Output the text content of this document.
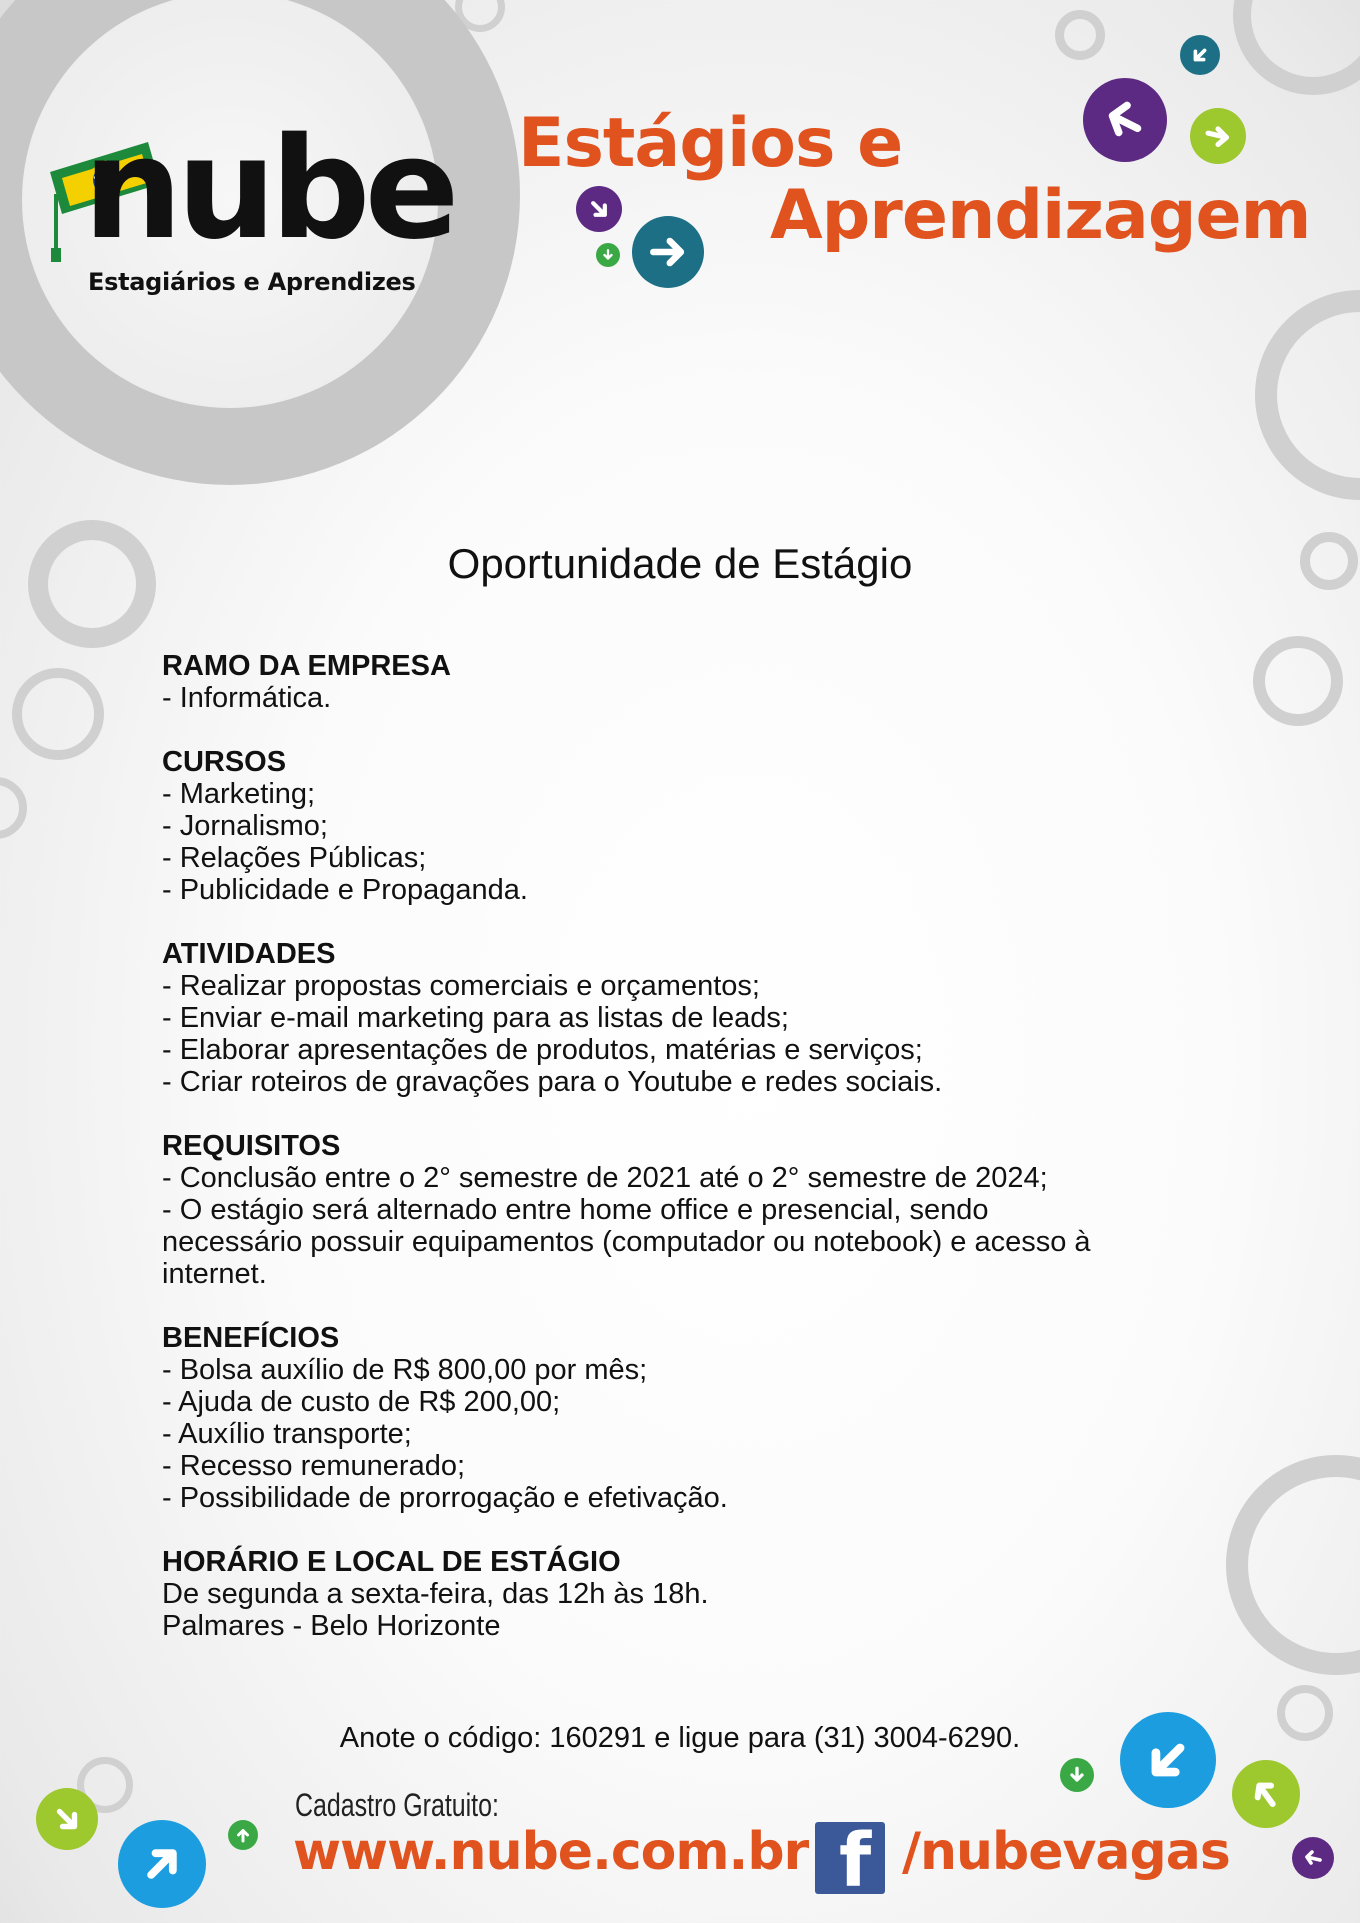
nube
Estagiários e Aprendizes
Estágios e
Aprendizagem
Oportunidade de Estágio
RAMO DA EMPRESA
- Informática.
CURSOS
- Marketing;
- Jornalismo;
- Relações Públicas;
- Publicidade e Propaganda.
ATIVIDADES
- Realizar propostas comerciais e orçamentos;
- Enviar e-mail marketing para as listas de leads;
- Elaborar apresentações de produtos, matérias e serviços;
- Criar roteiros de gravações para o Youtube e redes sociais.
REQUISITOS
- Conclusão entre o 2° semestre de 2021 até o 2° semestre de 2024;
- O estágio será alternado entre home office e presencial, sendo
necessário possuir equipamentos (computador ou notebook) e acesso à
internet.
BENEFÍCIOS
- Bolsa auxílio de R$ 800,00 por mês;
- Ajuda de custo de R$ 200,00;
- Auxílio transporte;
- Recesso remunerado;
- Possibilidade de prorrogação e efetivação.
HORÁRIO E LOCAL DE ESTÁGIO
De segunda a sexta-feira, das 12h às 18h.
Palmares - Belo Horizonte
Anote o código: 160291 e ligue para (31) 3004-6290.
Cadastro Gratuito:
www.nube.com.br f /nubevagas
